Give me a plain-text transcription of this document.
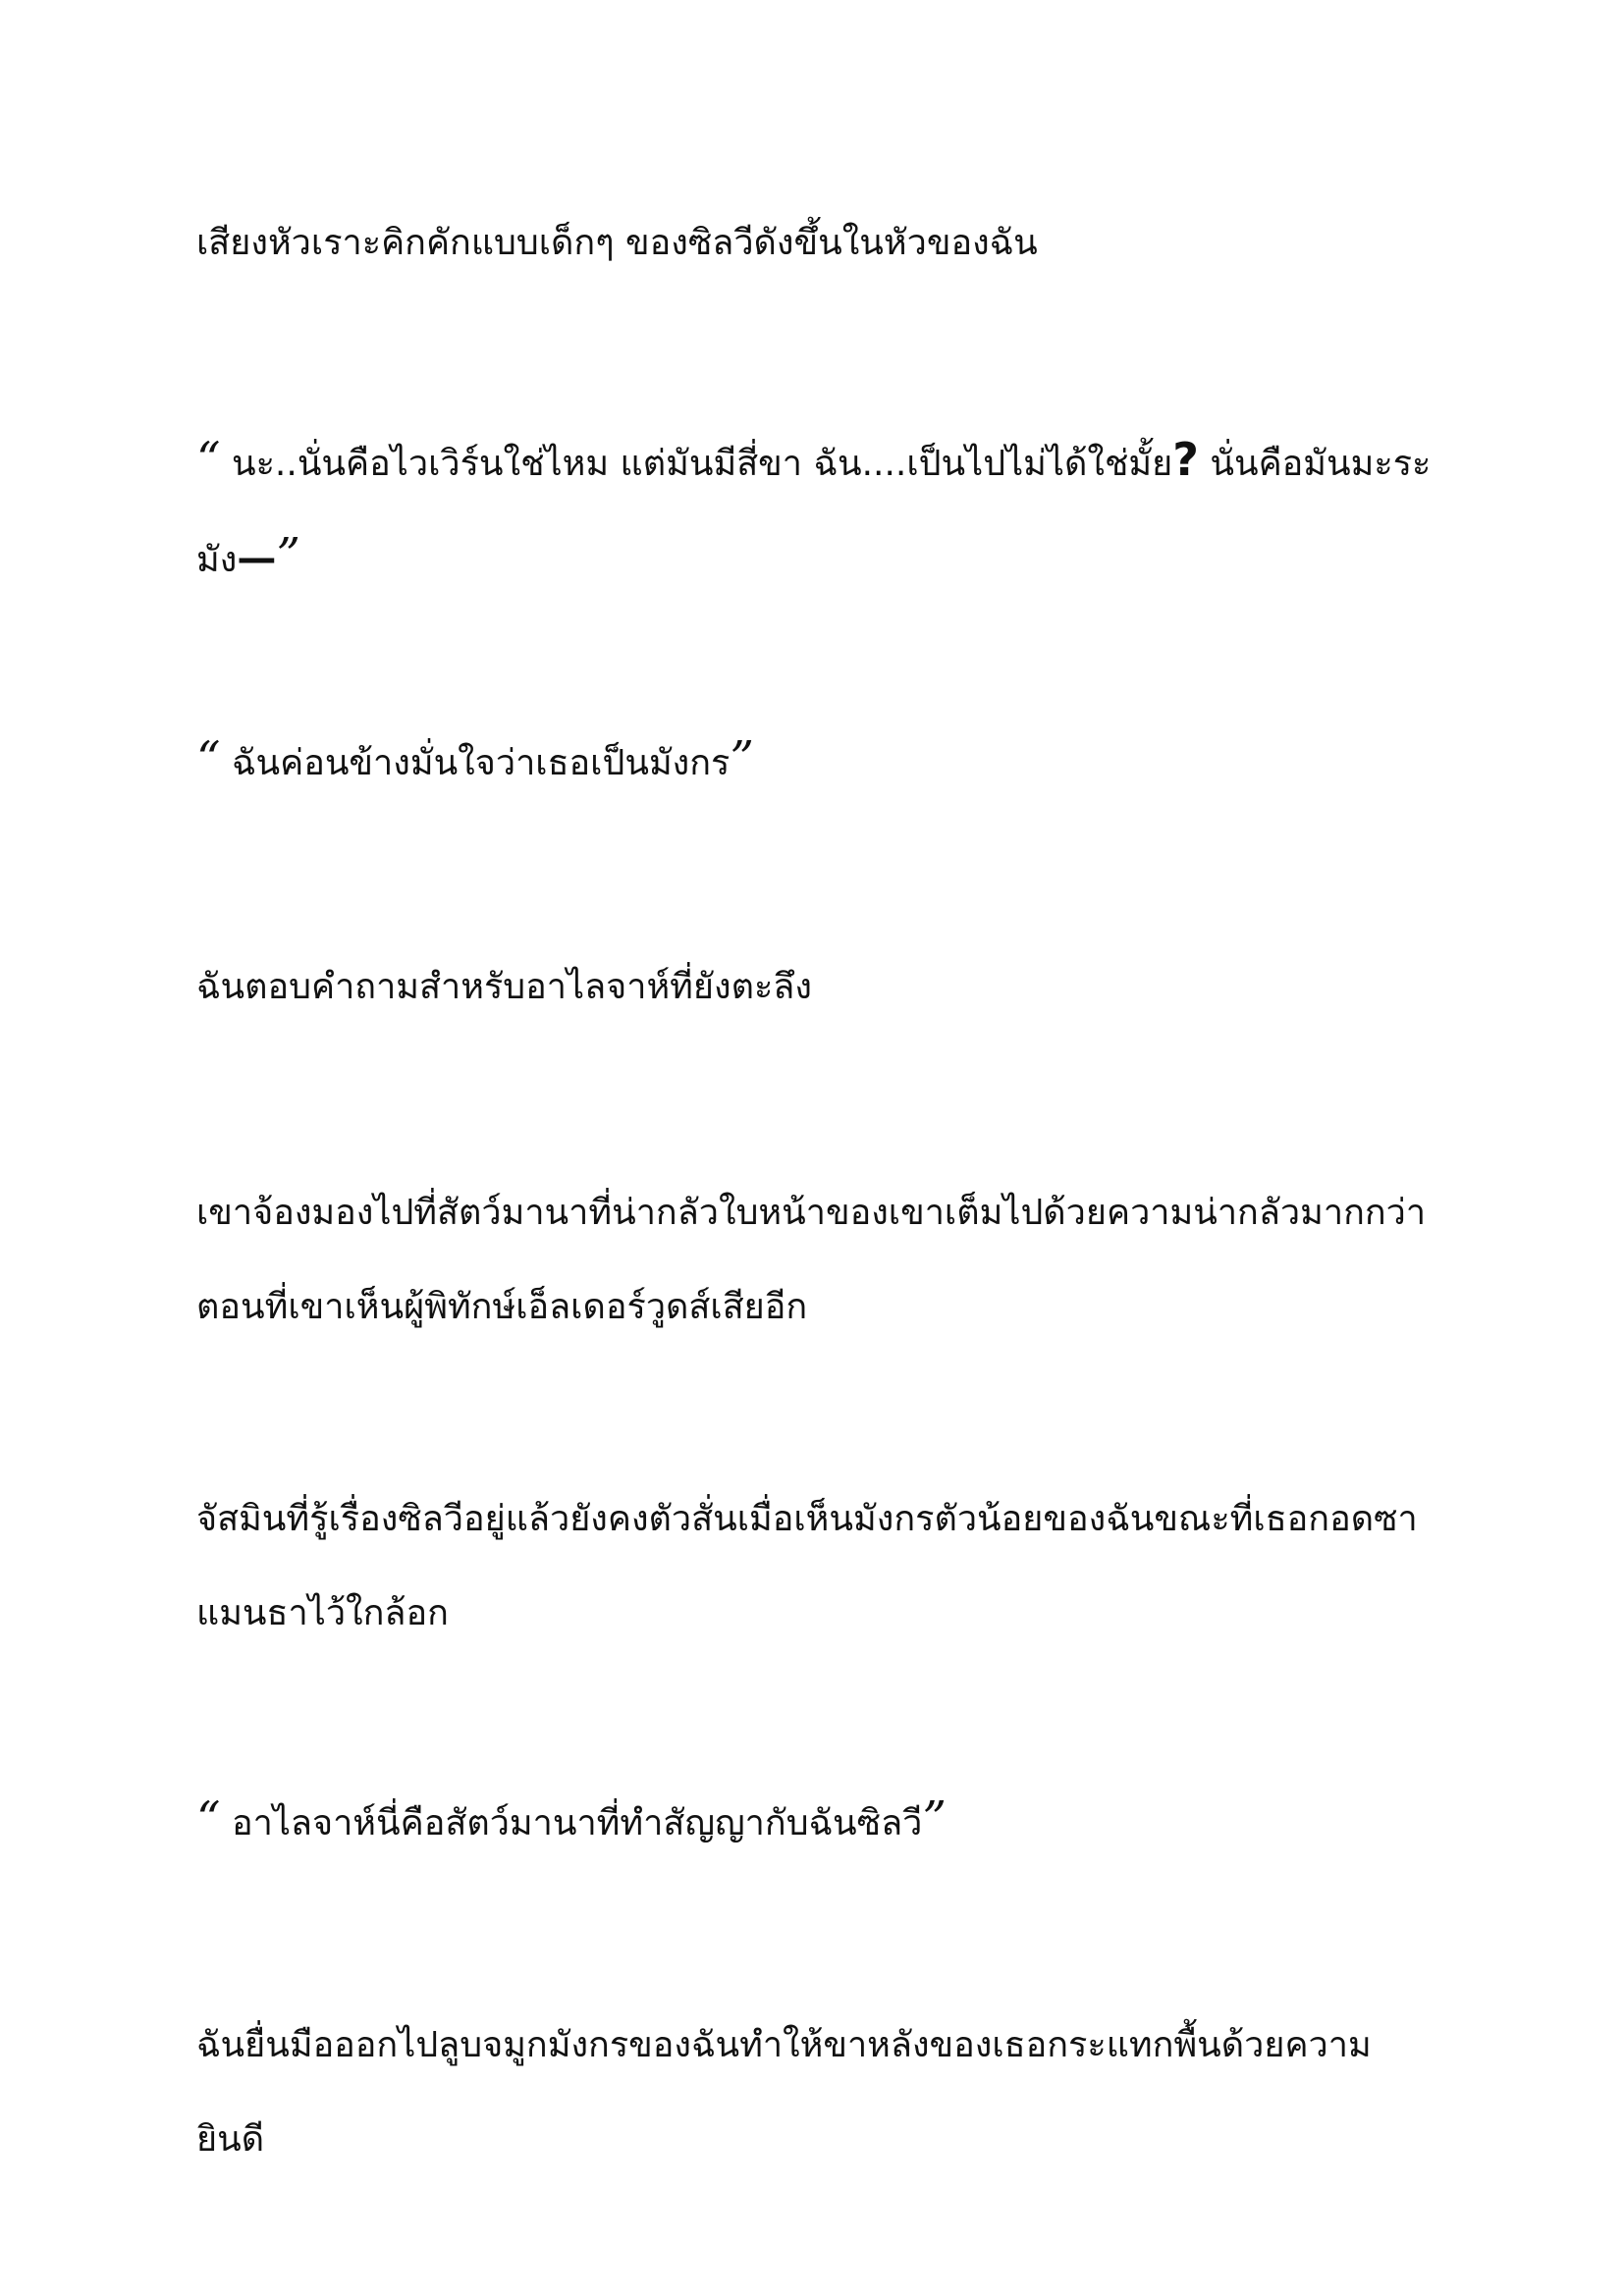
เสียงหัวเราะคิกคักแบบเด็กๆ ของซิลวีดังขึ้นในหัวของฉัน

“ นะ..นั่นคือไวเวิร์นใช่ไหม แต่มันมีสี่ขา ฉัน....เป็นไปไม่ได้ใช่มั้ย? นั่นคือมันมะระมัง—”

“ ฉันค่อนข้างมั่นใจว่าเธอเป็นมังกร”

ฉันตอบคำถามสำหรับอาไลจาห์ที่ยังตะลึง

เขาจ้องมองไปที่สัตว์มานาที่น่ากลัวใบหน้าของเขาเต็มไปด้วยความน่ากลัวมากกว่าตอนที่เขาเห็นผู้พิทักษ์เอ็ลเดอร์วูดส์เสียอีก

จัสมินที่รู้เรื่องซิลวีอยู่แล้วยังคงตัวสั่นเมื่อเห็นมังกรตัวน้อยของฉันขณะที่เธอกอดซาแมนธาไว้ใกล้อก

“ อาไลจาห์นี่คือสัตว์มานาที่ทำสัญญากับฉันซิลวี”

ฉันยื่นมือออกไปลูบจมูกมังกรของฉันทำให้ขาหลังของเธอกระแทกพื้นด้วยความยินดี
